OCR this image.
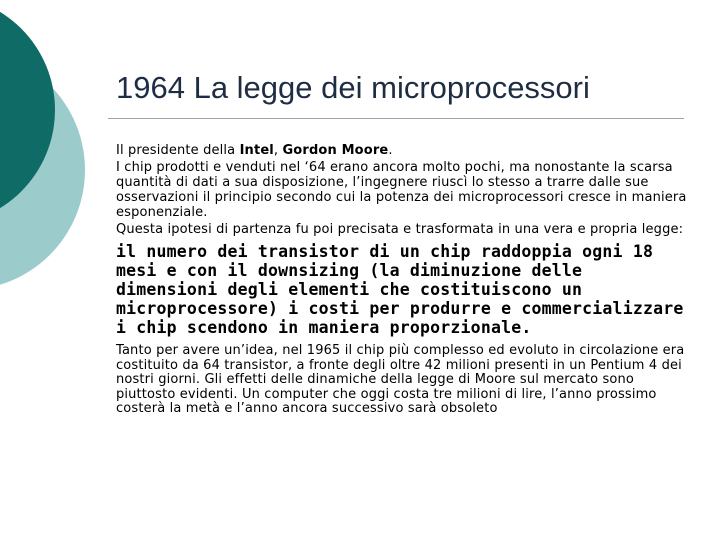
1964 La legge dei microprocessori

Il presidente della Intel, Gordon Moore.

I chip prodotti e venduti nel ‘64 erano ancora molto pochi, ma nonostante la scarsa quantità di dati a sua disposizione, l’ingegnere riuscì lo stesso a trarre dalle sue osservazioni il principio secondo cui la potenza dei microprocessori cresce in maniera esponenziale.

Questa ipotesi di partenza fu poi precisata e trasformata in una vera e propria legge:

il numero dei transistor di un chip raddoppia ogni 18 mesi e con il downsizing (la diminuzione delle dimensioni degli elementi che costituiscono un microprocessore) i costi per produrre e commercializzare i chip scendono in maniera proporzionale.

Tanto per avere un’idea, nel 1965 il chip più complesso ed evoluto in circolazione era costituito da 64 transistor, a fronte degli oltre 42 milioni presenti in un Pentium 4 dei nostri giorni. Gli effetti delle dinamiche della legge di Moore sul mercato sono piuttosto evidenti. Un computer che oggi costa tre milioni di lire, l’anno prossimo costerà la metà e l’anno ancora successivo sarà obsoleto
